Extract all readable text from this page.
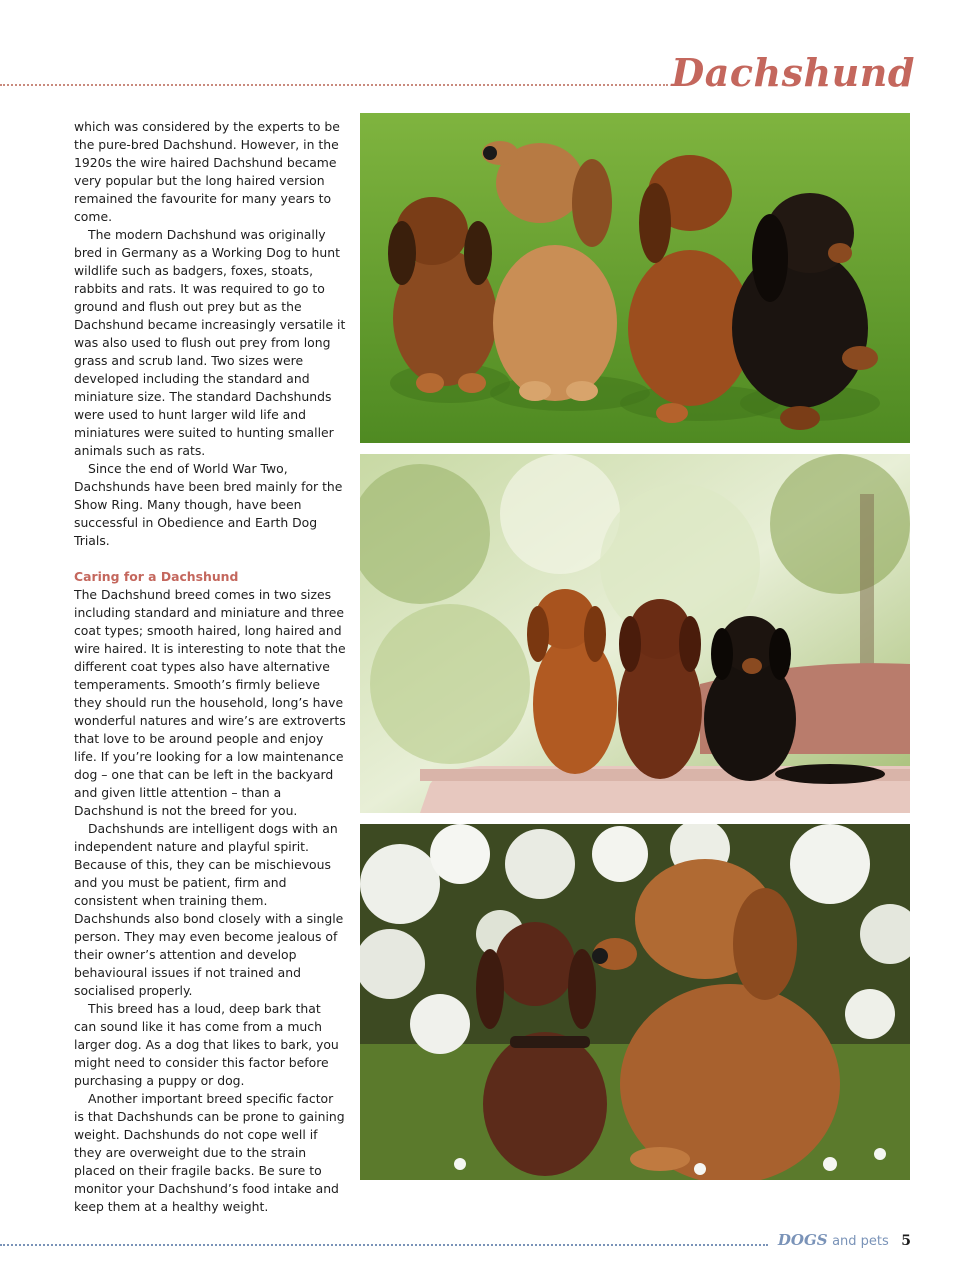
Dachshund

which was considered by the experts to be the pure-bred Dachshund. However, in the 1920s the wire haired Dachshund became very popular but the long haired version remained the favourite for many years to come.

The modern Dachshund was originally bred in Germany as a Working Dog to hunt wildlife such as badgers, foxes, stoats, rabbits and rats. It was required to go to ground and flush out prey but as the Dachshund became increasingly versatile it was also used to flush out prey from long grass and scrub land. Two sizes were developed including the standard and miniature size. The standard Dachshunds were used to hunt larger wild life and miniatures were suited to hunting smaller animals such as rats.

Since the end of World War Two, Dachshunds have been bred mainly for the Show Ring. Many though, have been successful in Obedience and Earth Dog Trials.

Caring for a Dachshund

The Dachshund breed comes in two sizes including standard and miniature and three coat types; smooth haired, long haired and wire haired. It is interesting to note that the different coat types also have alternative temperaments. Smooth’s firmly believe they should run the household, long’s have wonderful natures and wire’s are extroverts that love to be around people and enjoy life. If you’re looking for a low maintenance dog – one that can be left in the backyard and given little attention – than a Dachshund is not the breed for you.

Dachshunds are intelligent dogs with an independent nature and playful spirit. Because of this, they can be mischievous and you must be patient, firm and consistent when training them. Dachshunds also bond closely with a single person. They may even become jealous of their owner’s attention and develop behavioural issues if not trained and socialised properly.

This breed has a loud, deep bark that can sound like it has come from a much larger dog. As a dog that likes to bark, you might need to consider this factor before purchasing a puppy or dog.

Another important breed specific factor is that Dachshunds can be prone to gaining weight. Dachshunds do not cope well if they are overweight due to the strain placed on their fragile backs. Be sure to monitor your Dachshund’s food intake and keep them at a healthy weight.

DOGS and pets 5
